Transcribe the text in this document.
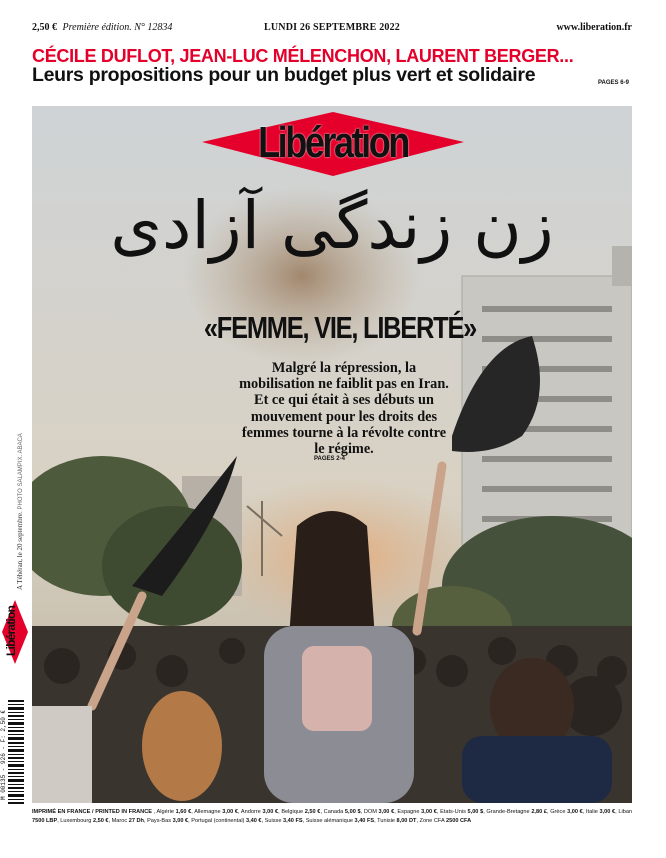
2,50 € Première édition. N° 12834	LUNDI 26 SEPTEMBRE 2022	www.liberation.fr
CÉCILE DUFLOT, JEAN-LUC MÉLENCHON, LAURENT BERGER...
Leurs propositions pour un budget plus vert et solidaire	PAGES 6-9
Libération
زن زندگی آزادی
«FEMME, VIE, LIBERTÉ»
Malgré la répression, la mobilisation ne faiblit pas en Iran. Et ce qui était à ses débuts un mouvement pour les droits des femmes tourne à la révolte contre le régime.
PAGES 2-4
A Téhéran, le 20 septembre. PHOTO SALAMPIX. ABACA
Libération
M 00135 - 926 - F: 2,50 €
IMPRIMÉ EN FRANCE / PRINTED IN FRANCE , Algérie 1,60 €, Allemagne 3,00 €, Andorre 3,00 €, Belgique 2,50 €, Canada 5,00 $, DOM 3,00 €, Espagne 3,00 €, Etats-Unis 5,00 $, Grande-Bretagne 2,80 £, Grèce 3,00 €, Italie 3,00 €, Liban 7500 LBP, Luxembourg 2,50 €, Maroc 27 Dh, Pays-Bas 3,00 €, Portugal (continental) 3,40 €, Suisse 3,40 FS, Suisse alémanique 3,40 FS, Tunisie 8,00 DT, Zone CFA 2500 CFA
